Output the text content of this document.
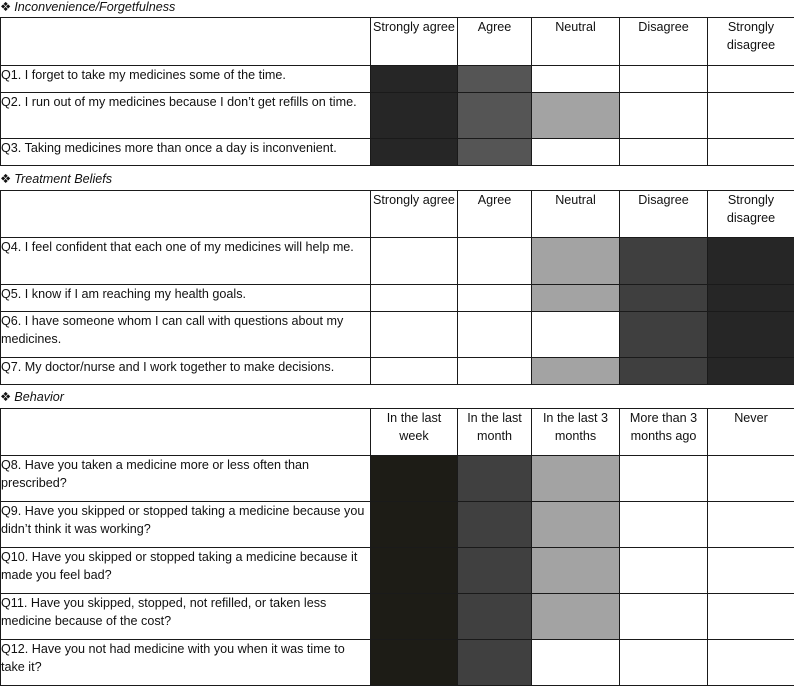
❖ Inconvenience/Forgetfulness
	Strongly agree	Agree	Neutral	Disagree	Strongly disagree
Q1. I forget to take my medicines some of the time.					
Q2. I run out of my medicines because I don’t get refills on time.					
Q3. Taking medicines more than once a day is inconvenient.					
❖ Treatment Beliefs
	Strongly agree	Agree	Neutral	Disagree	Strongly disagree
Q4. I feel confident that each one of my medicines will help me.					
Q5. I know if I am reaching my health goals.					
Q6. I have someone whom I can call with questions about my medicines.					
Q7. My doctor/nurse and I work together to make decisions.					
❖ Behavior
	In the last week	In the last month	In the last 3 months	More than 3 months ago	Never
Q8. Have you taken a medicine more or less often than prescribed?					
Q9. Have you skipped or stopped taking a medicine because you didn’t think it was working?					
Q10. Have you skipped or stopped taking a medicine because it made you feel bad?					
Q11. Have you skipped, stopped, not refilled, or taken less medicine because of the cost?					
Q12. Have you not had medicine with you when it was time to take it?					
